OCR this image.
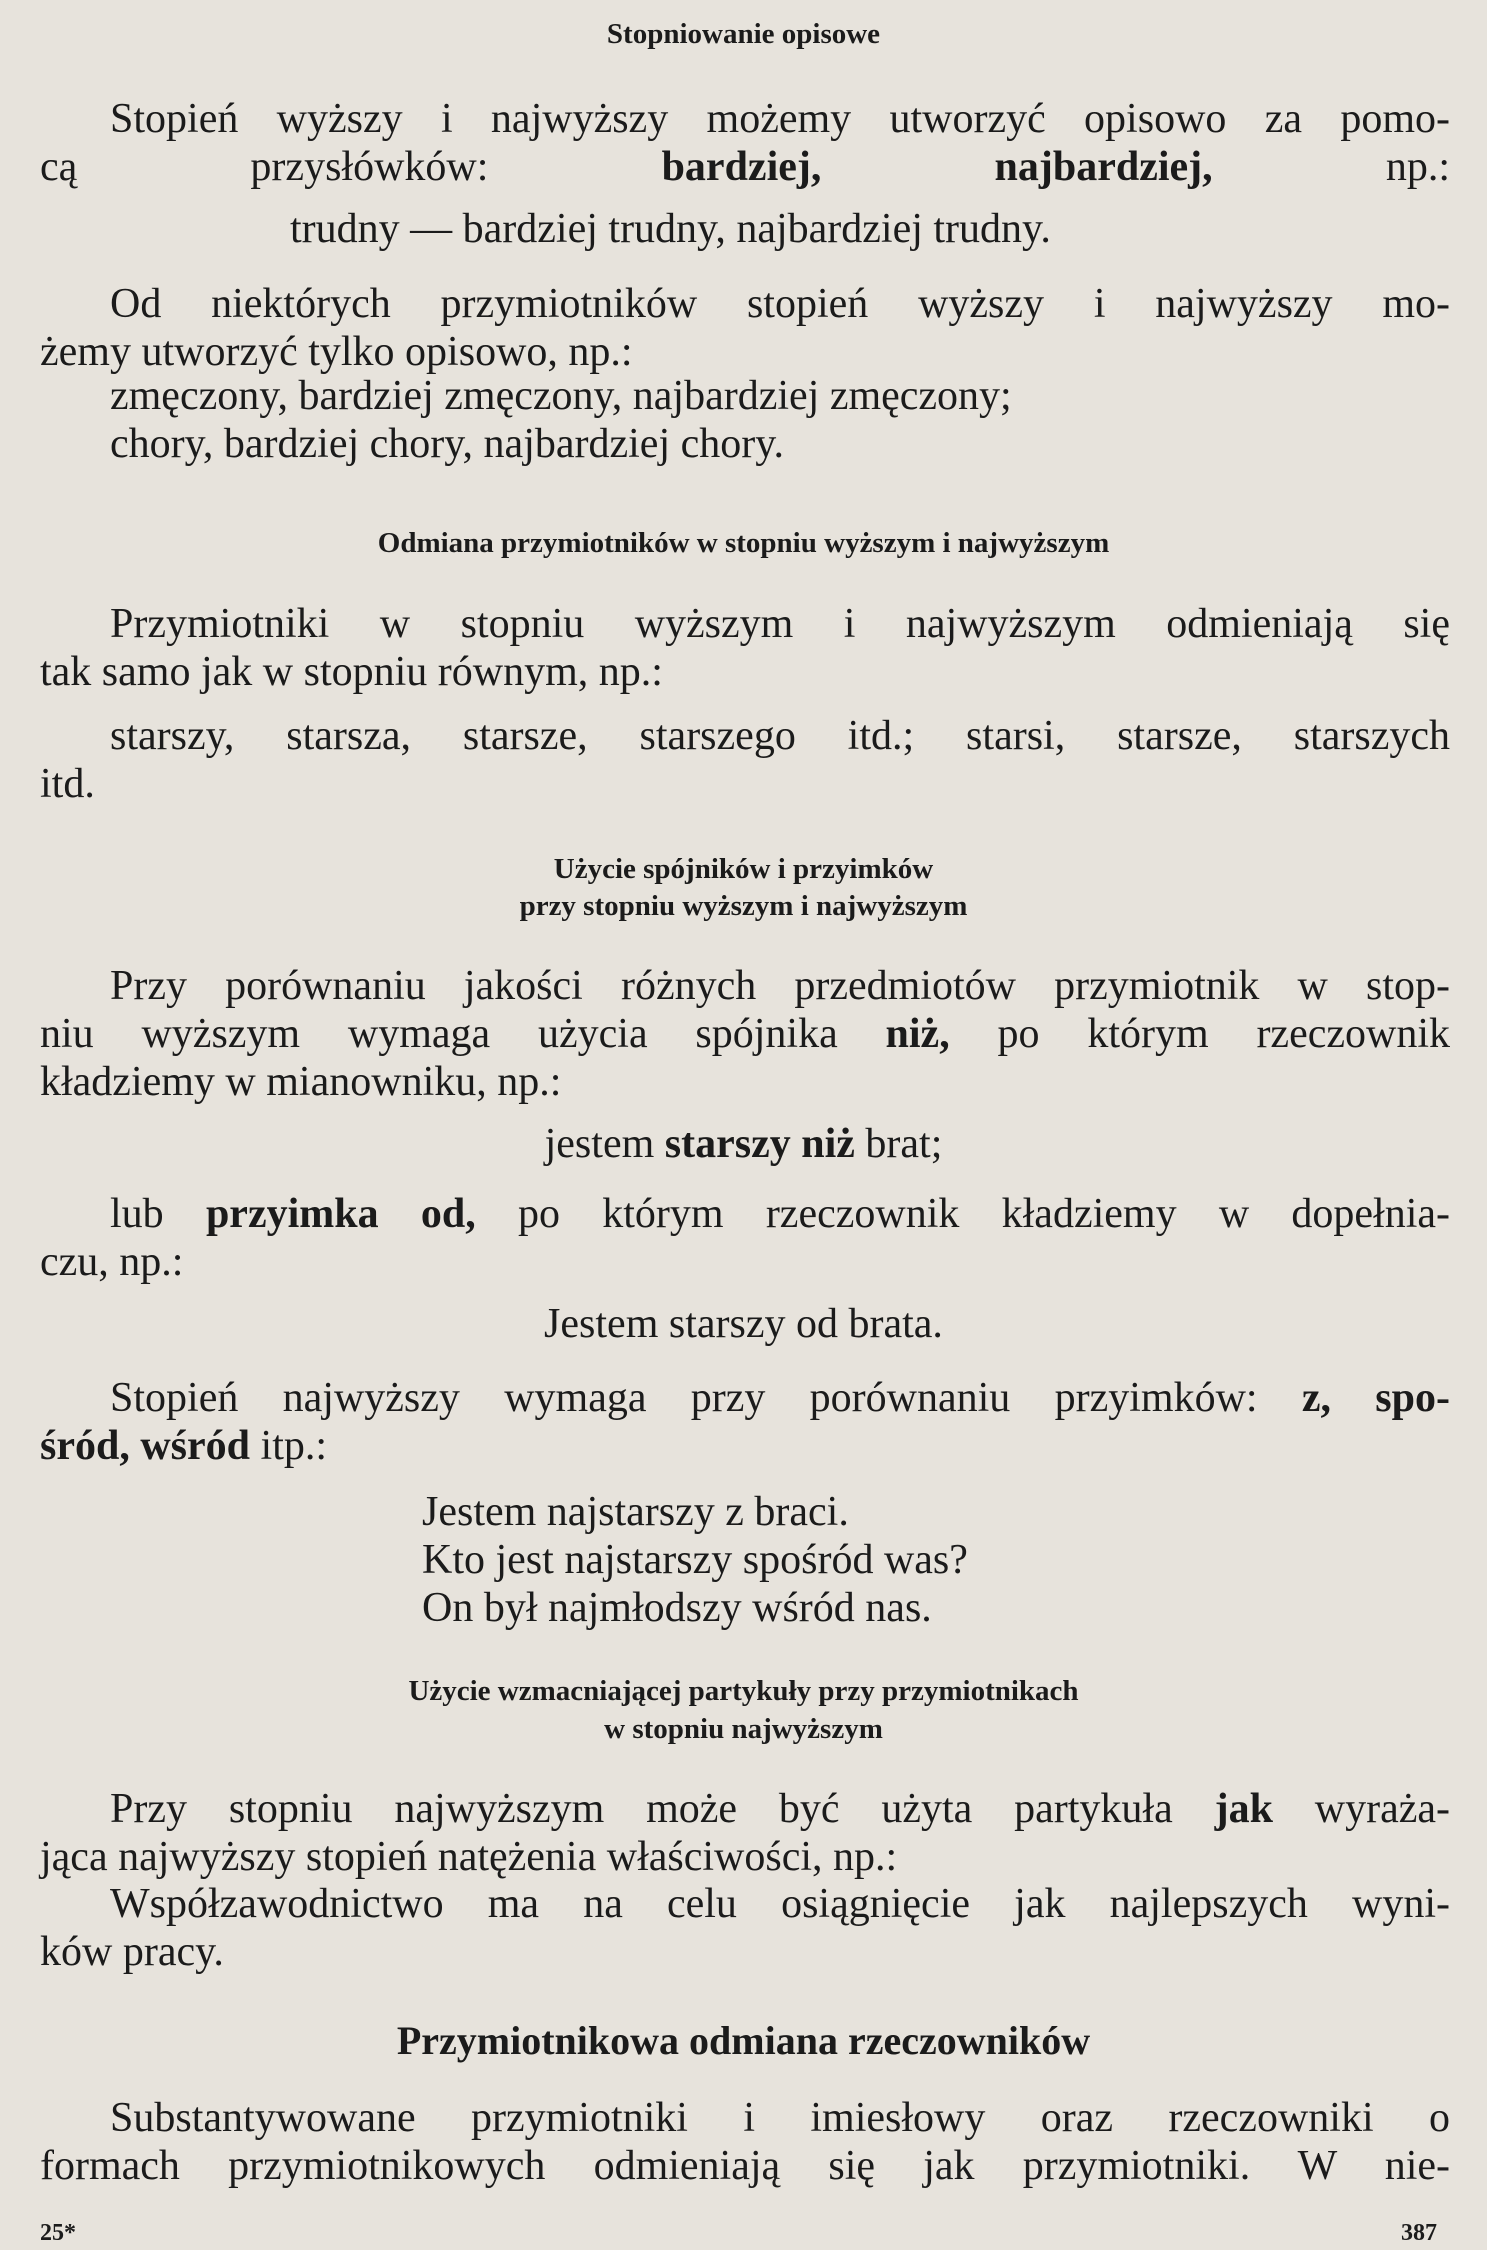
Stopniowanie opisowe

Stopień wyższy i najwyższy możemy utworzyć opisowo za pomo-

cą przysłówków:	bardziej, najbardziej,	np.:

trudny — bardziej trudny, najbardziej trudny.

Od niektórych przymiotników stopień wyższy i najwyższy mo-

żemy utworzyć tylko opisowo, np.:

zmęczony, bardziej zmęczony, najbardziej zmęczony;

chory, bardziej chory, najbardziej chory.

Odmiana przymiotników w stopniu wyższym i najwyższym

Przymiotniki w stopniu wyższym i najwyższym odmieniają się

tak samo jak w stopniu równym, np.:

starszy, starsza, starsze, starszego itd.; starsi, starsze, starszych

itd.

Użycie spójników i przyimków
przy stopniu wyższym i najwyższym

Przy porównaniu jakości różnych przedmiotów przymiotnik w stop-

niu wyższym wymaga użycia spójnika niż, po którym rzeczownik

kładziemy w mianowniku, np.:

jestem starszy niż brat;

lub przyimka od, po którym rzeczownik kładziemy w dopełnia-

czu, np.:

Jestem starszy od brata.

Stopień najwyższy wymaga przy porównaniu przyimków: z, spo-

śród, wśród itp.:

Jestem najstarszy z braci.

Kto jest najstarszy spośród was?

On był najmłodszy wśród nas.

Użycie wzmacniającej partykuły przy przymiotnikach
w stopniu najwyższym

Przy stopniu najwyższym może być użyta partykuła jak wyraża-

jąca najwyższy stopień natężenia właściwości, np.:

Współzawodnictwo ma na celu osiągnięcie jak najlepszych wyni-

ków pracy.

Przymiotnikowa odmiana rzeczowników

Substantywowane przymiotniki i imiesłowy oraz rzeczowniki o

formach przymiotnikowych odmieniają się jak przymiotniki. W nie-

25*	387
